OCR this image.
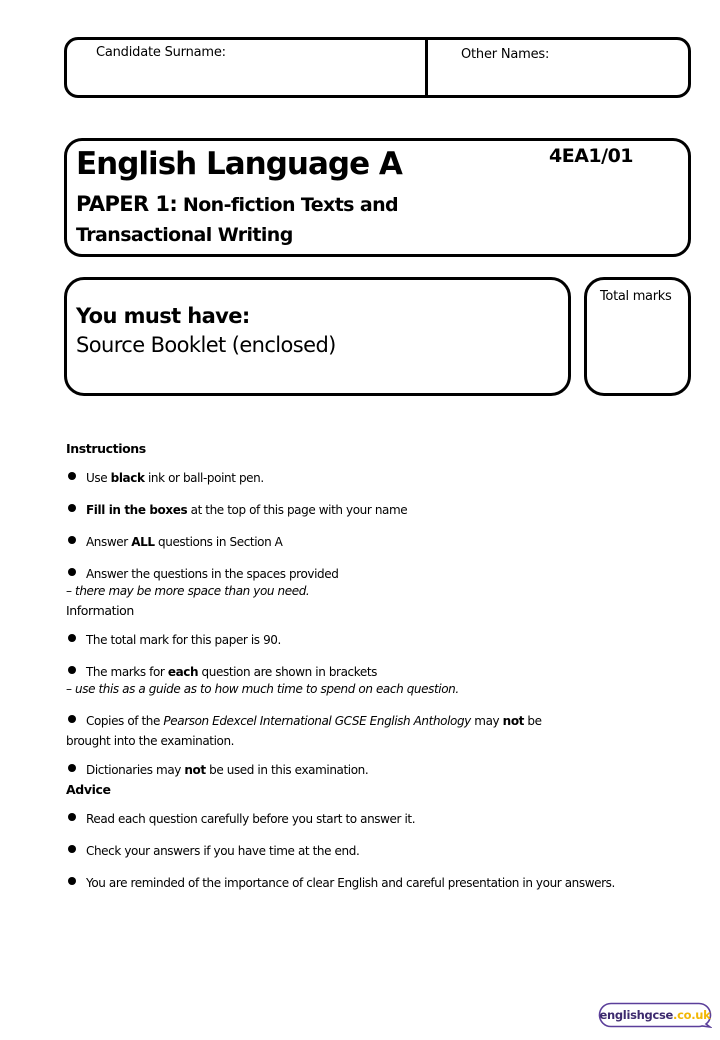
Candidate Surname:	Other Names:
English Language A	4EA1/01
PAPER 1: Non-fiction Texts and
Transactional Writing
You must have:
Source Booklet (enclosed)
Total marks
Instructions
Use black ink or ball-point pen.
Fill in the boxes at the top of this page with your name
Answer ALL questions in Section A
Answer the questions in the spaces provided
– there may be more space than you need.
Information
The total mark for this paper is 90.
The marks for each question are shown in brackets
– use this as a guide as to how much time to spend on each question.
Copies of the Pearson Edexcel International GCSE English Anthology may not be
brought into the examination.
Dictionaries may not be used in this examination.
Advice
Read each question carefully before you start to answer it.
Check your answers if you have time at the end.
You are reminded of the importance of clear English and careful presentation in your answers.
englishgcse.co.uk
